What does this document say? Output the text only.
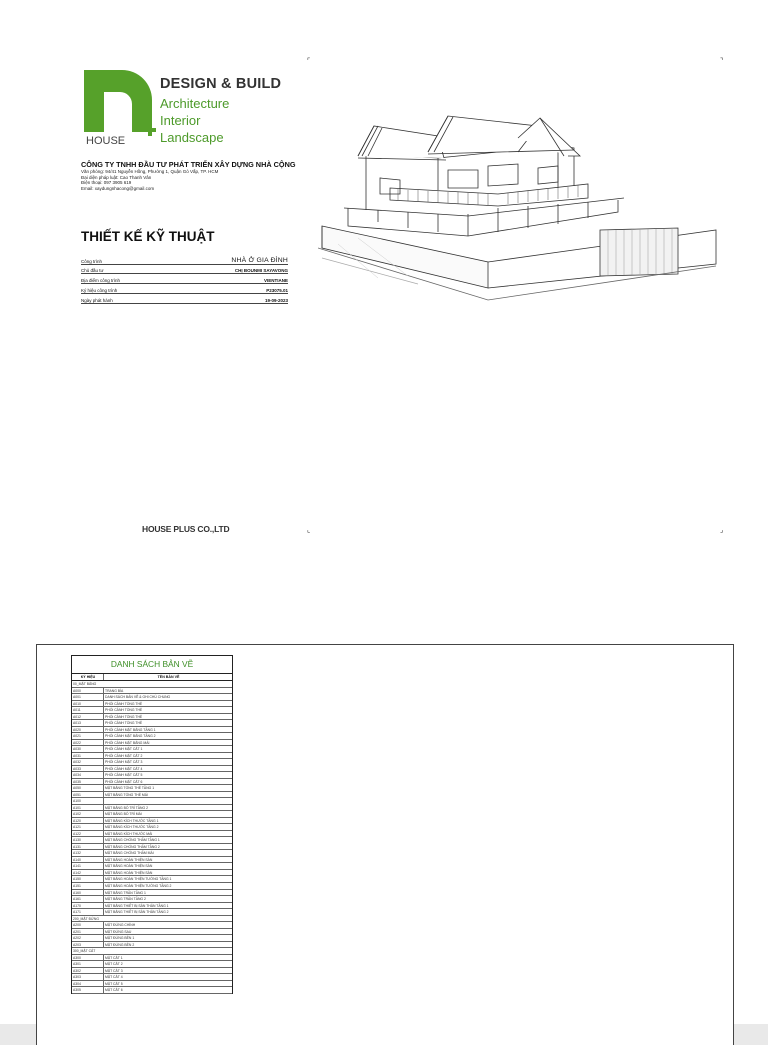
HOUSE
DESIGN & BUILD
Architecture
Interior
Landscape
CÔNG TY TNHH ĐẦU TƯ PHÁT TRIỂN XÂY DỰNG NHÀ CỘNG
Văn phòng: 94/41 Nguyễn Hồng, Phường 1, Quận Gò Vấp, TP. HCM
Đại diện pháp luật: Cao Thanh Vân
Điện thoại: 097 3905 619
Email: xaydungnhacong@gmail.com
THIẾT KẾ KỸ THUẬT
Công trình	NHÀ Ở GIA ĐÌNH
Chủ đầu tư	CHỊ BOUNMI SAYAVONG
Địa điểm công trình	VIENTIANE
Ký hiệu công trình	P23075.01
Ngày phát hành	19-09-2023
⌜	⌝
⌞	⌟
HOUSE PLUS CO.,LTD
DANH SÁCH BẢN VẼ
KÝ HIỆU	TÊN BẢN VẼ
00_MẶT BẰNG
A000	TRANG BÌA
A001	DANH SÁCH BẢN VẼ & GHI CHÚ CHUNG
A010	PHỐI CẢNH TỔNG THỂ
A011	PHỐI CẢNH TỔNG THỂ
A012	PHỐI CẢNH TỔNG THỂ
A013	PHỐI CẢNH TỔNG THỂ
A020	PHỐI CẢNH MẶT BẰNG TẦNG 1
A021	PHỐI CẢNH MẶT BẰNG TẦNG 2
A022	PHỐI CẢNH MẶT BẰNG MÁI
A030	PHỐI CẢNH MẶT CẮT 1
A031	PHỐI CẢNH MẶT CẮT 2
A032	PHỐI CẢNH MẶT CẮT 3
A033	PHỐI CẢNH MẶT CẮT 4
A034	PHỐI CẢNH MẶT CẮT 5
A035	PHỐI CẢNH MẶT CẮT 6
A050	MẶT BẰNG TỔNG THỂ TẦNG 1
A051	MẶT BẰNG TỔNG THỂ MÁI
A100
A101	MẶT BẰNG BỐ TRÍ TẦNG 2
A102	MẶT BẰNG BỐ TRÍ MÁI
A120	MẶT BẰNG KÍCH THƯỚC TẦNG 1
A121	MẶT BẰNG KÍCH THƯỚC TẦNG 2
A122	MẶT BẰNG KÍCH THƯỚC MÁI
A130	MẶT BẰNG CHỐNG THẤM TẦNG 1
A131	MẶT BẰNG CHỐNG THẤM TẦNG 2
A132	MẶT BẰNG CHỐNG THẤM MÁI
A140	MẶT BẰNG HOÀN THIỆN SÀN
A141	MẶT BẰNG HOÀN THIỆN SÀN
A142	MẶT BẰNG HOÀN THIỆN SÀN
A150	MẶT BẰNG HOÀN THIỆN TƯỜNG TẦNG 1
A151	MẶT BẰNG HOÀN THIỆN TƯỜNG TẦNG 2
A160	MẶT BẰNG TRẦN TẦNG 1
A161	MẶT BẰNG TRẦN TẦNG 2
A170	MẶT BẰNG THIẾT BỊ SÂN THÂN TẦNG 1
A171	MẶT BẰNG THIẾT BỊ SÂN THÂN TẦNG 2
200_MẶT ĐỨNG
A200	MẶT ĐỨNG CHÍNH
A201	MẶT ĐỨNG SAU
A202	MẶT ĐỨNG BÊN 1
A203	MẶT ĐỨNG BÊN 2
300_MẶT CẮT
A300	MẶT CẮT 1
A301	MẶT CẮT 2
A302	MẶT CẮT 3
A303	MẶT CẮT 4
A304	MẶT CẮT 5
A305	MẶT CẮT 6
